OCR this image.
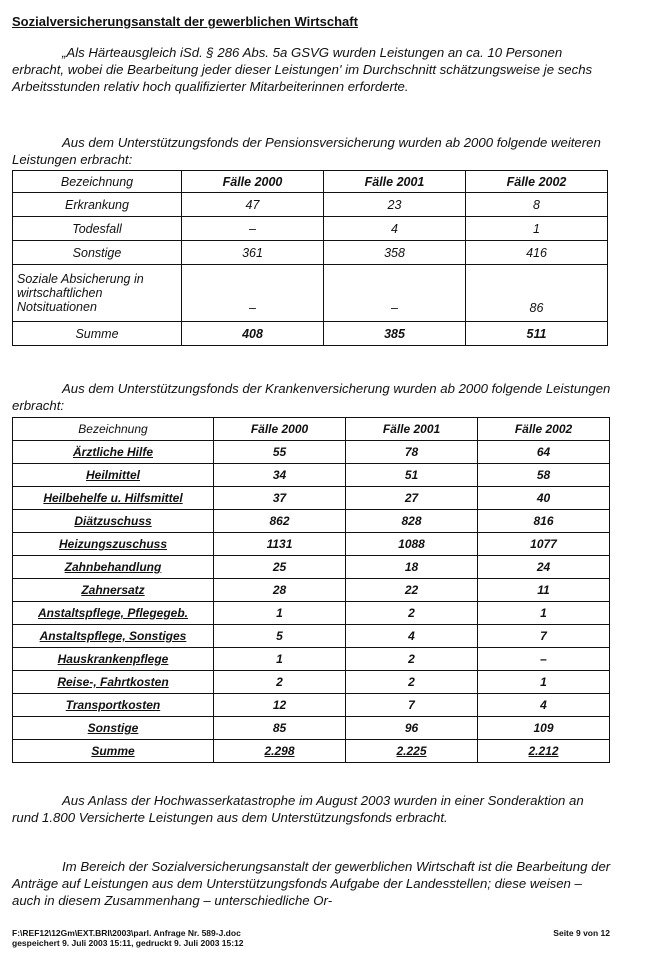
Sozialversicherungsanstalt der gewerblichen Wirtschaft
„Als Härteausgleich iSd. § 286 Abs. 5a GSVG wurden Leistungen an ca. 10 Personen erbracht, wobei die Bearbeitung jeder dieser Leistungen' im Durchschnitt schätzungsweise je sechs Arbeitsstunden relativ hoch qualifizierter Mitarbeiterinnen erforderte.
Aus dem Unterstützungsfonds der Pensionsversicherung wurden ab 2000 folgende weiteren Leistungen erbracht:
Bezeichnung	Fälle 2000	Fälle 2001	Fälle 2002
Erkrankung	47	23	8
Todesfall	–	4	1
Sonstige	361	358	416
Soziale Absicherung in wirtschaftlichen Notsituationen	–	–	86
Summe	408	385	511
Aus dem Unterstützungsfonds der Krankenversicherung wurden ab 2000 folgende Leistungen erbracht:
Bezeichnung	Fälle 2000	Fälle 2001	Fälle 2002
Ärztliche Hilfe	55	78	64
Heilmittel	34	51	58
Heilbehelfe u. Hilfsmittel	37	27	40
Diätzuschuss	862	828	816
Heizungszuschuss	1131	1088	1077
Zahnbehandlung	25	18	24
Zahnersatz	28	22	11
Anstaltspflege, Pflegegeb.	1	2	1
Anstaltspflege, Sonstiges	5	4	7
Hauskrankenpflege	1	2	–
Reise-, Fahrtkosten	2	2	1
Transportkosten	12	7	4
Sonstige	85	96	109
Summe	2.298	2.225	2.212
Aus Anlass der Hochwasserkatastrophe im August 2003 wurden in einer Sonderaktion an rund 1.800 Versicherte Leistungen aus dem Unterstützungsfonds erbracht.
Im Bereich der Sozialversicherungsanstalt der gewerblichen Wirtschaft ist die Bearbeitung der Anträge auf Leistungen aus dem Unterstützungsfonds Aufgabe der Landesstellen; diese weisen – auch in diesem Zusammenhang – unterschiedliche Or-
F:\REF12\12Gm\EXT.BRI\2003\parl. Anfrage Nr. 589-J.doc
gespeichert 9. Juli 2003 15:11, gedruckt 9. Juli 2003 15:12
Seite 9 von 12
